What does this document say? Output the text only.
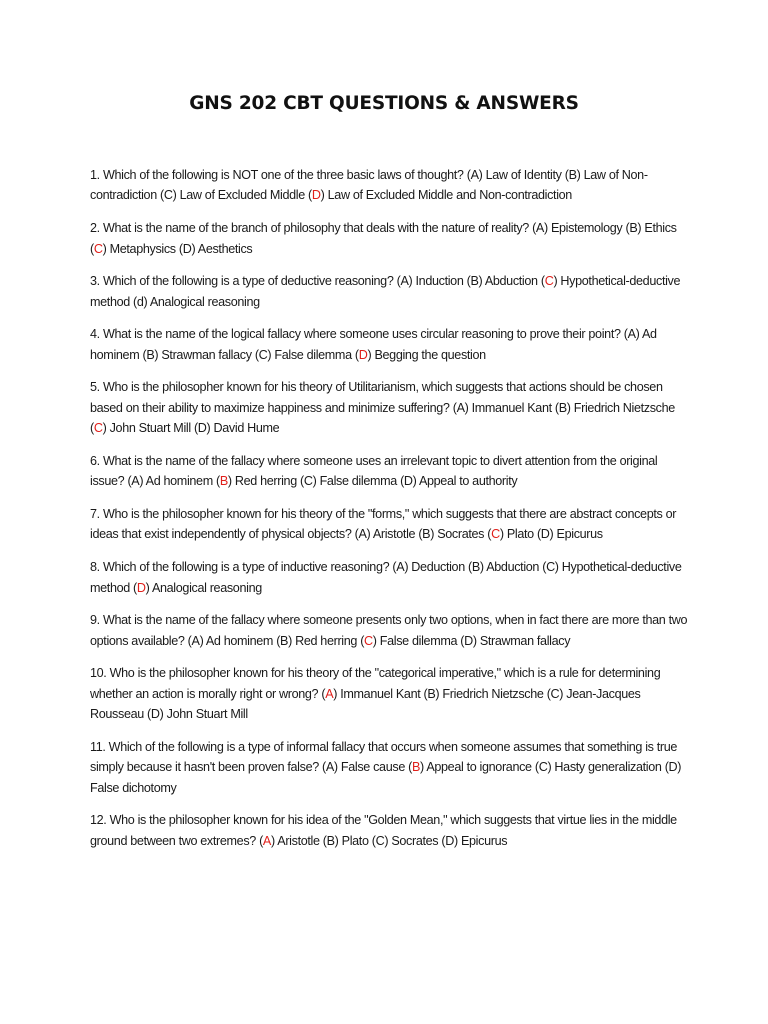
GNS 202 CBT QUESTIONS & ANSWERS

1. Which of the following is NOT one of the three basic laws of thought? (A) Law of Identity (B) Law of Non-contradiction (C) Law of Excluded Middle (D) Law of Excluded Middle and Non-contradiction

2. What is the name of the branch of philosophy that deals with the nature of reality? (A) Epistemology (B) Ethics (C) Metaphysics (D) Aesthetics

3. Which of the following is a type of deductive reasoning? (A) Induction (B) Abduction (C) Hypothetical-deductive method (d) Analogical reasoning

4. What is the name of the logical fallacy where someone uses circular reasoning to prove their point? (A) Ad hominem (B) Strawman fallacy (C) False dilemma (D) Begging the question

5. Who is the philosopher known for his theory of Utilitarianism, which suggests that actions should be chosen based on their ability to maximize happiness and minimize suffering? (A) Immanuel Kant (B) Friedrich Nietzsche (C) John Stuart Mill (D) David Hume

6. What is the name of the fallacy where someone uses an irrelevant topic to divert attention from the original issue? (A) Ad hominem (B) Red herring (C) False dilemma (D) Appeal to authority

7. Who is the philosopher known for his theory of the "forms," which suggests that there are abstract concepts or ideas that exist independently of physical objects? (A) Aristotle (B) Socrates (C) Plato (D) Epicurus

8. Which of the following is a type of inductive reasoning? (A) Deduction (B) Abduction (C) Hypothetical-deductive method (D) Analogical reasoning

9. What is the name of the fallacy where someone presents only two options, when in fact there are more than two options available? (A) Ad hominem (B) Red herring (C) False dilemma (D) Strawman fallacy

10. Who is the philosopher known for his theory of the "categorical imperative," which is a rule for determining whether an action is morally right or wrong? (A) Immanuel Kant (B) Friedrich Nietzsche (C) Jean-Jacques Rousseau (D) John Stuart Mill

11. Which of the following is a type of informal fallacy that occurs when someone assumes that something is true simply because it hasn't been proven false? (A) False cause (B) Appeal to ignorance (C) Hasty generalization (D) False dichotomy

12. Who is the philosopher known for his idea of the "Golden Mean," which suggests that virtue lies in the middle ground between two extremes? (A) Aristotle (B) Plato (C) Socrates (D) Epicurus
